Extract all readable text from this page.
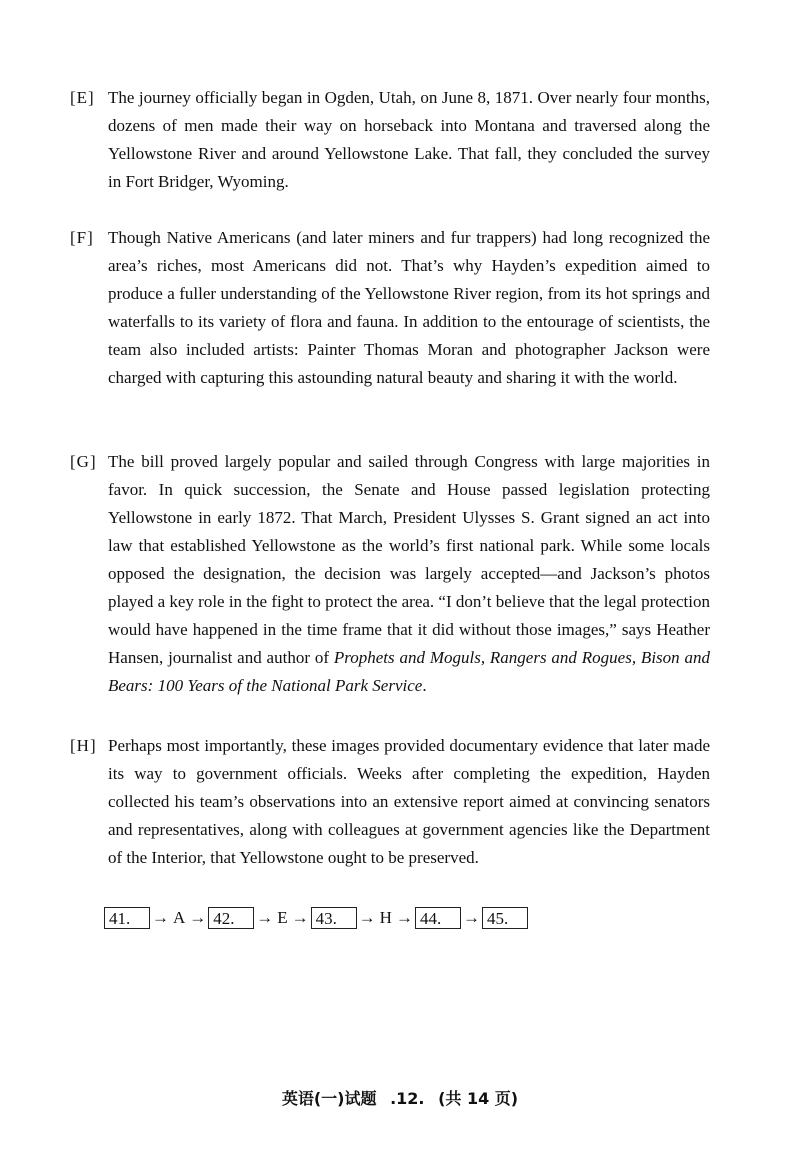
[E] The journey officially began in Ogden, Utah, on June 8, 1871. Over nearly four months, dozens of men made their way on horseback into Montana and traversed along the Yellowstone River and around Yellowstone Lake. That fall, they concluded the survey in Fort Bridger, Wyoming.
[F] Though Native Americans (and later miners and fur trappers) had long recognized the area’s riches, most Americans did not. That’s why Hayden’s expedition aimed to produce a fuller understanding of the Yellowstone River region, from its hot springs and waterfalls to its variety of flora and fauna. In addition to the entourage of scientists, the team also included artists: Painter Thomas Moran and photographer Jackson were charged with capturing this astounding natural beauty and sharing it with the world.
[G] The bill proved largely popular and sailed through Congress with large majorities in favor. In quick succession, the Senate and House passed legislation protecting Yellowstone in early 1872. That March, President Ulysses S. Grant signed an act into law that established Yellowstone as the world’s first national park. While some locals opposed the designation, the decision was largely accepted—and Jackson’s photos played a key role in the fight to protect the area. “I don’t believe that the legal protection would have happened in the time frame that it did without those images,” says Heather Hansen, journalist and author of Prophets and Moguls, Rangers and Rogues, Bison and Bears: 100 Years of the National Park Service.
[H] Perhaps most importantly, these images provided documentary evidence that later made its way to government officials. Weeks after completing the expedition, Hayden collected his team’s observations into an extensive report aimed at convincing senators and representatives, along with colleagues at government agencies like the Department of the Interior, that Yellowstone ought to be preserved.
41.	→ A → 42.	→ E → 43.	→ H → 44.	→ 45.
英语(一)试题 .12. (共 14 页)
